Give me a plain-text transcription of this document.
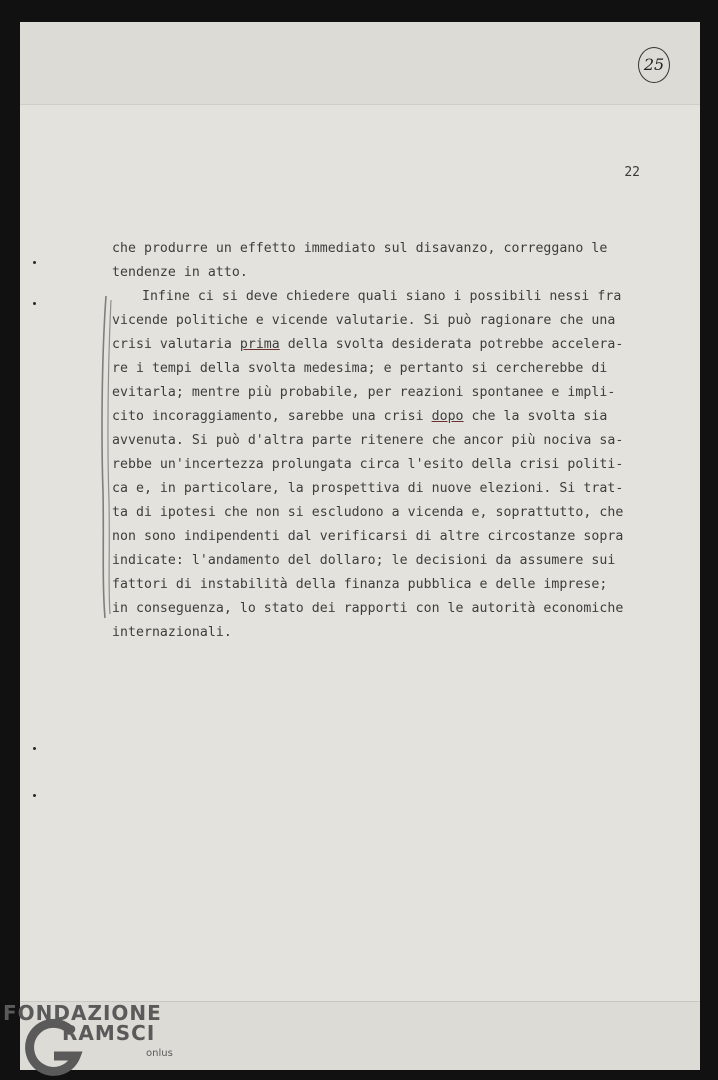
25
22
che produrre un effetto immediato sul disavanzo, correggano le
tendenze in atto.
Infine ci si deve chiedere quali siano i possibili nessi fra
vicende politiche e vicende valutarie. Si può ragionare che una
crisi valutaria prima della svolta desiderata potrebbe accelera-
re i tempi della svolta medesima; e pertanto si cercherebbe di
evitarla; mentre più probabile, per reazioni spontanee e impli-
cito incoraggiamento, sarebbe una crisi dopo che la svolta sia
avvenuta. Si può d'altra parte ritenere che ancor più nociva sa-
rebbe un'incertezza prolungata circa l'esito della crisi politi-
ca e, in particolare, la prospettiva di nuove elezioni. Si trat-
ta di ipotesi che non si escludono a vicenda e, soprattutto, che
non sono indipendenti dal verificarsi di altre circostanze sopra
indicate: l'andamento del dollaro; le decisioni da assumere sui
fattori di instabilità della finanza pubblica e delle imprese;
in conseguenza, lo stato dei rapporti con le autorità economiche
internazionali.
FONDAZIONE
RAMSCI
onlus
